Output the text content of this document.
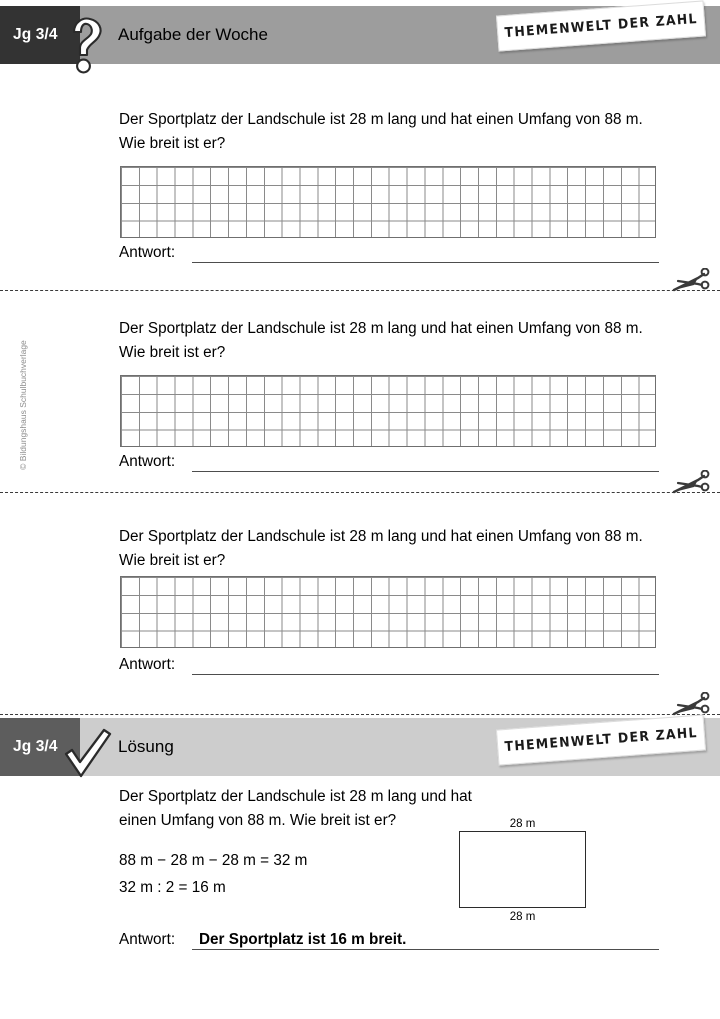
Jg 3/4	Aufgabe der Woche	THEMENWELT DER ZAHL
© Bildungshaus Schulbuchverlage
Der Sportplatz der Landschule ist 28 m lang und hat einen Umfang von 88 m. Wie breit ist er?
Antwort:
Der Sportplatz der Landschule ist 28 m lang und hat einen Umfang von 88 m. Wie breit ist er?
Antwort:
Der Sportplatz der Landschule ist 28 m lang und hat einen Umfang von 88 m. Wie breit ist er?
Antwort:
Jg 3/4	Lösung	THEMENWELT DER ZAHL
Der Sportplatz der Landschule ist 28 m lang und hat einen Umfang von 88 m. Wie breit ist er?
88 m − 28 m − 28 m = 32 m
32 m : 2 = 16 m
28 m
28 m
Antwort: Der Sportplatz ist 16 m breit.
